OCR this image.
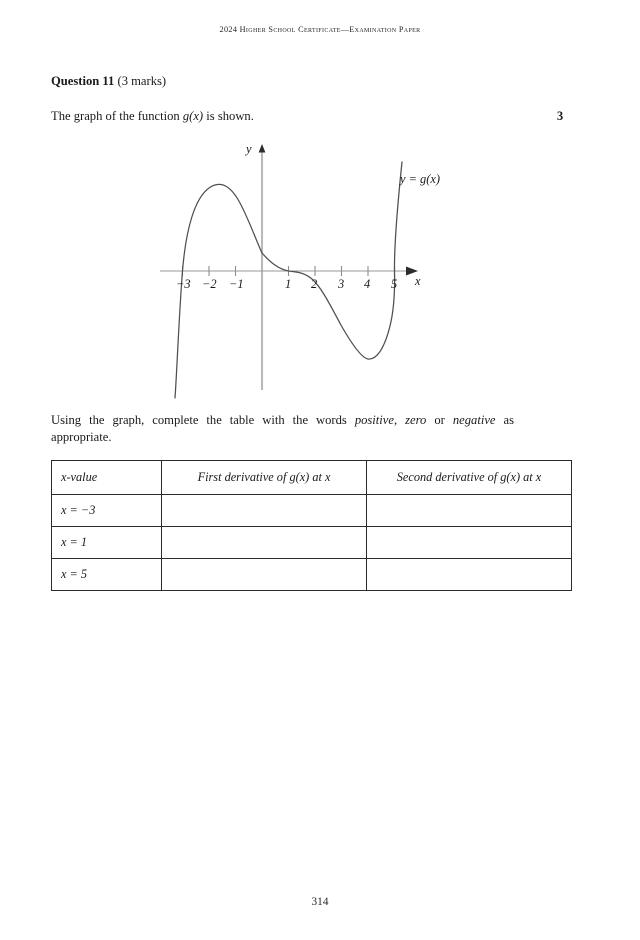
2024 Higher School Certificate—Examination Paper
Question 11 (3 marks)
The graph of the function g(x) is shown.	3
y
x
y = g(x)
−3 −2 −1	1 2 3 4 5
Using the graph, complete the table with the words positive, zero or negative as appropriate.
x-value	First derivative of g(x) at x	Second derivative of g(x) at x
x = −3		
x = 1		
x = 5		
314
